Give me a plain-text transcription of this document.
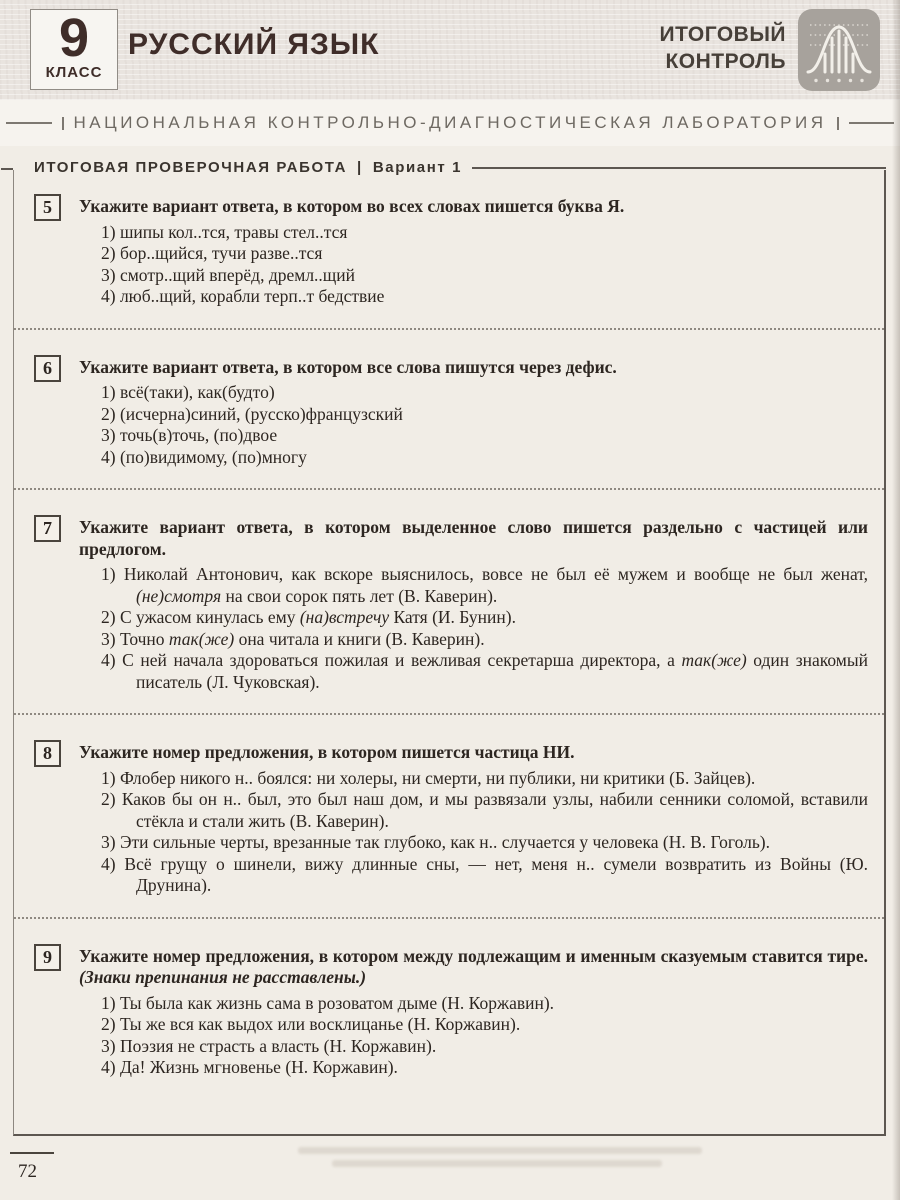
9
КЛАСС
РУССКИЙ ЯЗЫК	ИТОГОВЫЙ
КОНТРОЛЬ
НАЦИОНАЛЬНАЯ КОНТРОЛЬНО-ДИАГНОСТИЧЕСКАЯ ЛАБОРАТОРИЯ
ИТОГОВАЯ ПРОВЕРОЧНАЯ РАБОТА | Вариант 1
5	Укажите вариант ответа, в котором во всех словах пишется буква Я.

1) шипы кол..тся, травы стел..тся

2) бор..щийся, тучи разве..тся

3) смотр..щий вперёд, дремл..щий

4) люб..щий, корабли терп..т бедствие

6	Укажите вариант ответа, в котором все слова пишутся через дефис.

1) всё(таки), как(будто)

2) (исчерна)синий, (русско)французский

3) точь(в)точь, (по)двое

4) (по)видимому, (по)многу

7	Укажите вариант ответа, в котором выделенное слово пишется раздельно с частицей или предлогом.

1) Николай Антонович, как вскоре выяснилось, вовсе не был её мужем и вообще не был женат, (не)смотря на свои сорок пять лет (В. Каверин).

2) С ужасом кинулась ему (на)встречу Катя (И. Бунин).

3) Точно так(же) она читала и книги (В. Каверин).

4) С ней начала здороваться пожилая и вежливая секретарша директора, а так(же) один знакомый писатель (Л. Чуковская).

8	Укажите номер предложения, в котором пишется частица НИ.

1) Флобер никого н.. боялся: ни холеры, ни смерти, ни публики, ни критики (Б. Зайцев).

2) Каков бы он н.. был, это был наш дом, и мы развязали узлы, набили сенники соломой, вставили стёкла и стали жить (В. Каверин).

3) Эти сильные черты, врезанные так глубоко, как н.. случается у человека (Н. В. Гоголь).

4) Всё грущу о шинели, вижу длинные сны, — нет, меня н.. сумели возвратить из Войны (Ю. Друнина).

9	Укажите номер предложения, в котором между подлежащим и именным сказуемым ставится тире. (Знаки препинания не расставлены.)

1) Ты была как жизнь сама в розоватом дыме (Н. Коржавин).

2) Ты же вся как выдох или восклицанье (Н. Коржавин).

3) Поэзия не страсть а власть (Н. Коржавин).

4) Да! Жизнь мгновенье (Н. Коржавин).

72
